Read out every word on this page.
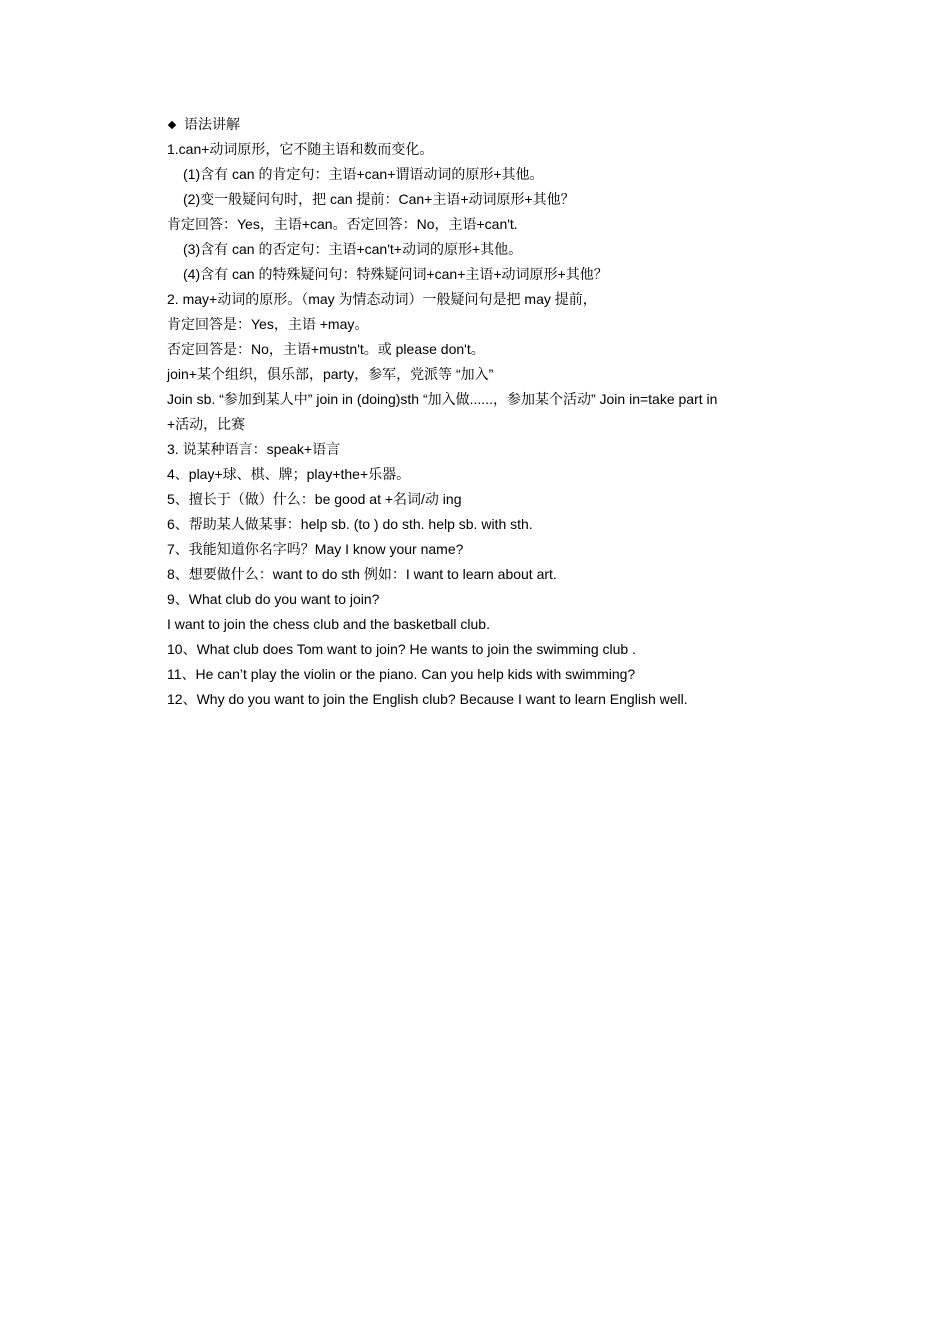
语法讲解
1.can+动词原形，它不随主语和数而变化。
(1)含有 can 的肯定句：主语+can+谓语动词的原形+其他。
(2)变一般疑问句时，把 can 提前：Can+主语+动词原形+其他？
肯定回答：Yes，主语+can。否定回答：No，主语+can't.
(3)含有 can 的否定句：主语+can't+动词的原形+其他。
(4)含有 can 的特殊疑问句：特殊疑问词+can+主语+动词原形+其他？
2. may+动词的原形。（may 为情态动词）一般疑问句是把 may 提前，
肯定回答是：Yes，主语 +may。
否定回答是：No，主语+mustn't。或 please don't。
join+某个组织，俱乐部，party，参军，党派等 “加入”
Join sb. “参加到某人中” join in (doing)sth “加入做......，参加某个活动” Join in=take part in
+活动，比赛
3. 说某种语言：speak+语言
4、play+球、棋、牌；play+the+乐器。
5、擅长于（做）什么：be good at +名词/动 ing
6、帮助某人做某事：help sb. (to ) do sth. help sb. with sth.
7、我能知道你名字吗？May I know your name?
8、想要做什么：want to do sth 例如：I want to learn about art.
9、What club do you want to join?
I want to join the chess club and the basketball club.
10、What club does Tom want to join? He wants to join the swimming club .
11、He can’t play the violin or the piano. Can you help kids with swimming?
12、Why do you want to join the English club? Because I want to learn English well.
